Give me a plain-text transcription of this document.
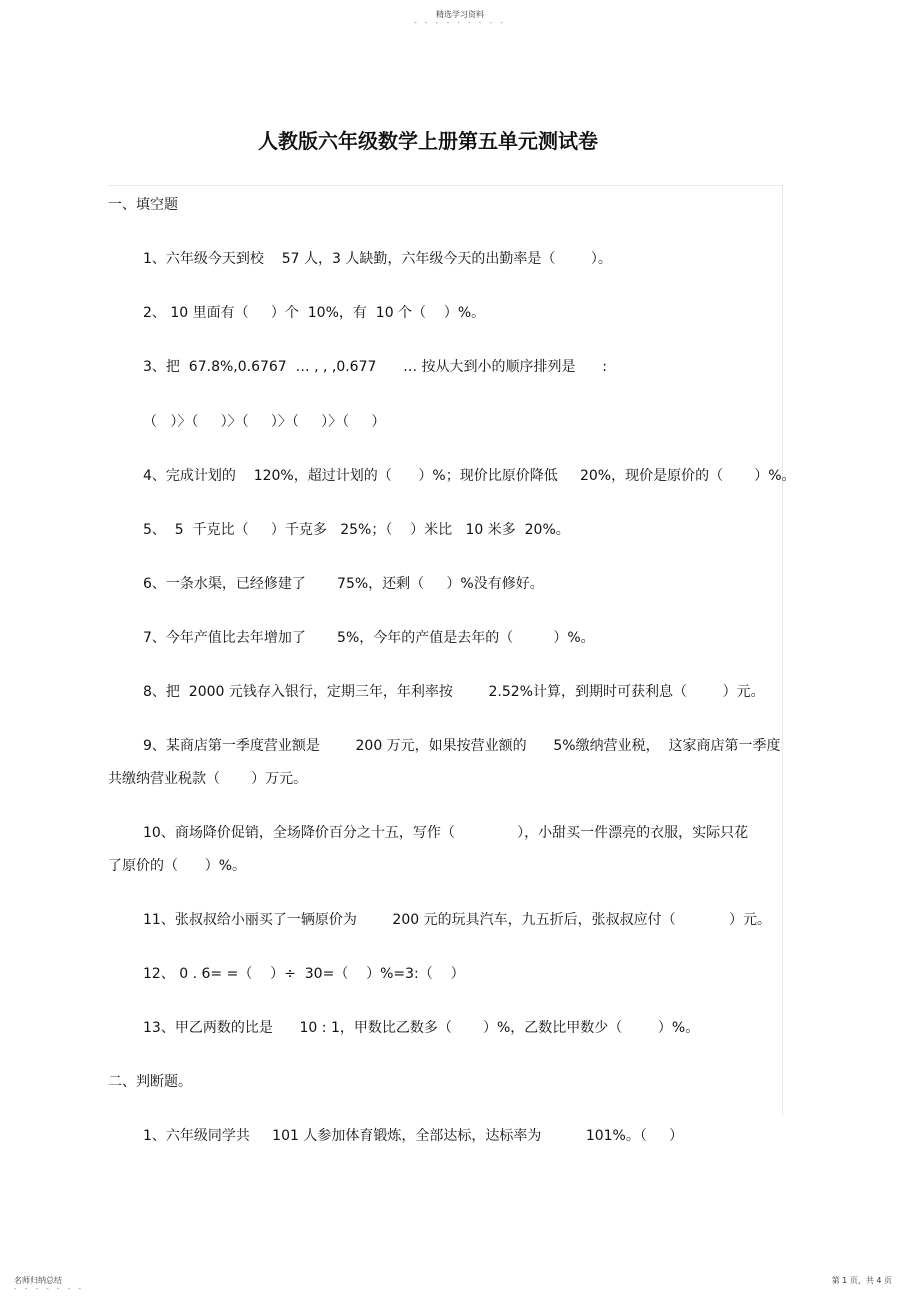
精选学习资料
- - - - - - - - -
人教版六年级数学上册第五单元测试卷
一、填空题
1、六年级今天到校    57 人，3 人缺勤，六年级今天的出勤率是（        ）。
2、 10 里面有（     ）个  10%，有  10 个（    ）%。
3、把  67.8%,0.6767  … , , ,0.677      … 按从大到小的顺序排列是      :
（   ）〉（     ）〉（     ）〉（     ）〉（     ）
4、完成计划的    120%，超过计划的（      ）%；现价比原价降低     20%，现价是原价的（       ）%。
5、  5  千克比（     ）千克多   25%；（    ）米比   10 米多  20%。
6、一条水渠，已经修建了       75%，还剩（     ）%没有修好。
7、今年产值比去年增加了       5%，今年的产值是去年的（         ）%。
8、把  2000 元钱存入银行，定期三年，年利率按        2.52%计算，到期时可获利息（        ）元。
9、某商店第一季度营业额是        200 万元，如果按营业额的      5%缴纳营业税，  这家商店第一季度
共缴纳营业税款（       ）万元。
10、商场降价促销，全场降价百分之十五，写作（              ），小甜买一件漂亮的衣服，实际只花
了原价的（      ）%。
11、张叔叔给小丽买了一辆原价为        200 元的玩具汽车，九五折后，张叔叔应付（            ）元。
12、 0 . 6= =（    ）÷  30=（    ）%=3:（    ）
13、甲乙两数的比是      10 : 1，甲数比乙数多（       ）%，乙数比甲数少（        ）%。
二、判断题。
1、六年级同学共     101 人参加体育锻炼，全部达标，达标率为          101%。（     ）
名师归纳总结
- - - - - - -
第 1 页，共 4 页
